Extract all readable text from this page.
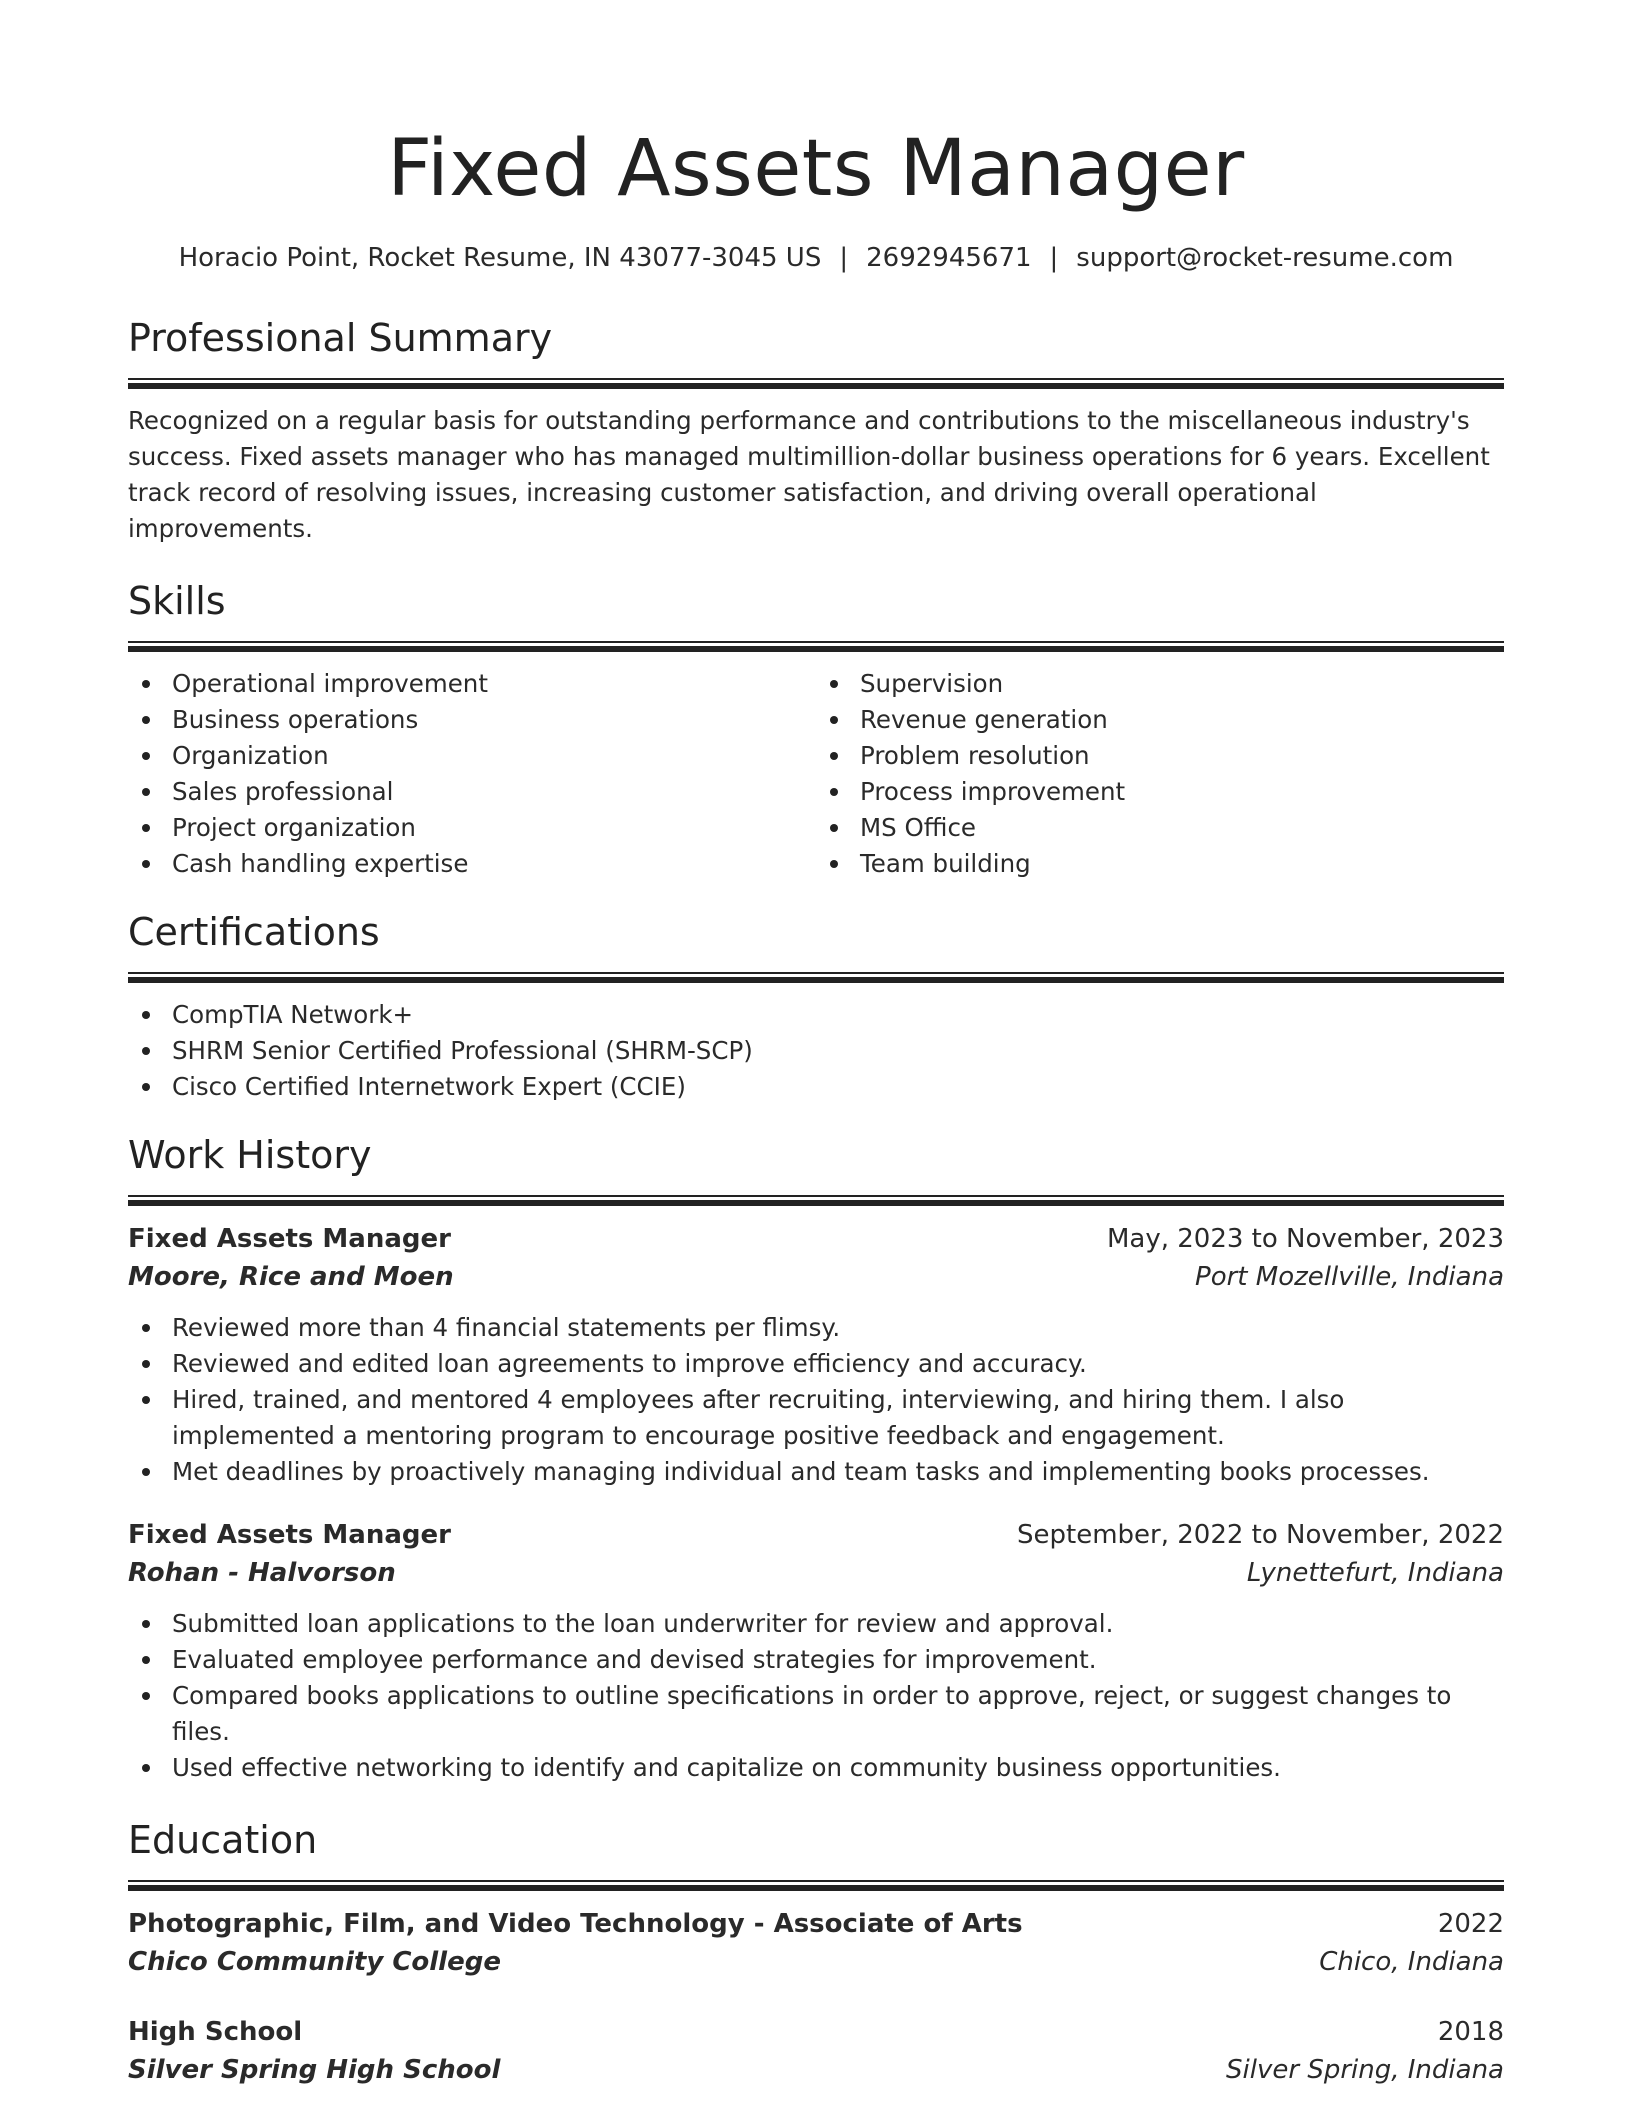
Fixed Assets Manager
Horacio Point, Rocket Resume, IN 43077-3045 US | 2692945671 | support@rocket-resume.com
Professional Summary

Recognized on a regular basis for outstanding performance and contributions to the miscellaneous industry's success. Fixed assets manager who has managed multimillion-dollar business operations for 6 years. Excellent track record of resolving issues, increasing customer satisfaction, and driving overall operational improvements.

Skills
Operational improvement
Business operations
Organization
Sales professional
Project organization
Cash handling expertise
Supervision
Revenue generation
Problem resolution
Process improvement
MS Office
Team building
Certifications
CompTIA Network+
SHRM Senior Certified Professional (SHRM-SCP)
Cisco Certified Internetwork Expert (CCIE)
Work History
Fixed Assets Manager	May, 2023 to November, 2023
Moore, Rice and Moen	Port Mozellville, Indiana
Reviewed more than 4 financial statements per flimsy.
Reviewed and edited loan agreements to improve efficiency and accuracy.
Hired, trained, and mentored 4 employees after recruiting, interviewing, and hiring them. I also implemented a mentoring program to encourage positive feedback and engagement.
Met deadlines by proactively managing individual and team tasks and implementing books processes.
Fixed Assets Manager	September, 2022 to November, 2022
Rohan - Halvorson	Lynettefurt, Indiana
Submitted loan applications to the loan underwriter for review and approval.
Evaluated employee performance and devised strategies for improvement.
Compared books applications to outline specifications in order to approve, reject, or suggest changes to files.
Used effective networking to identify and capitalize on community business opportunities.
Education
Photographic, Film, and Video Technology - Associate of Arts	2022
Chico Community College	Chico, Indiana
High School	2018
Silver Spring High School	Silver Spring, Indiana
